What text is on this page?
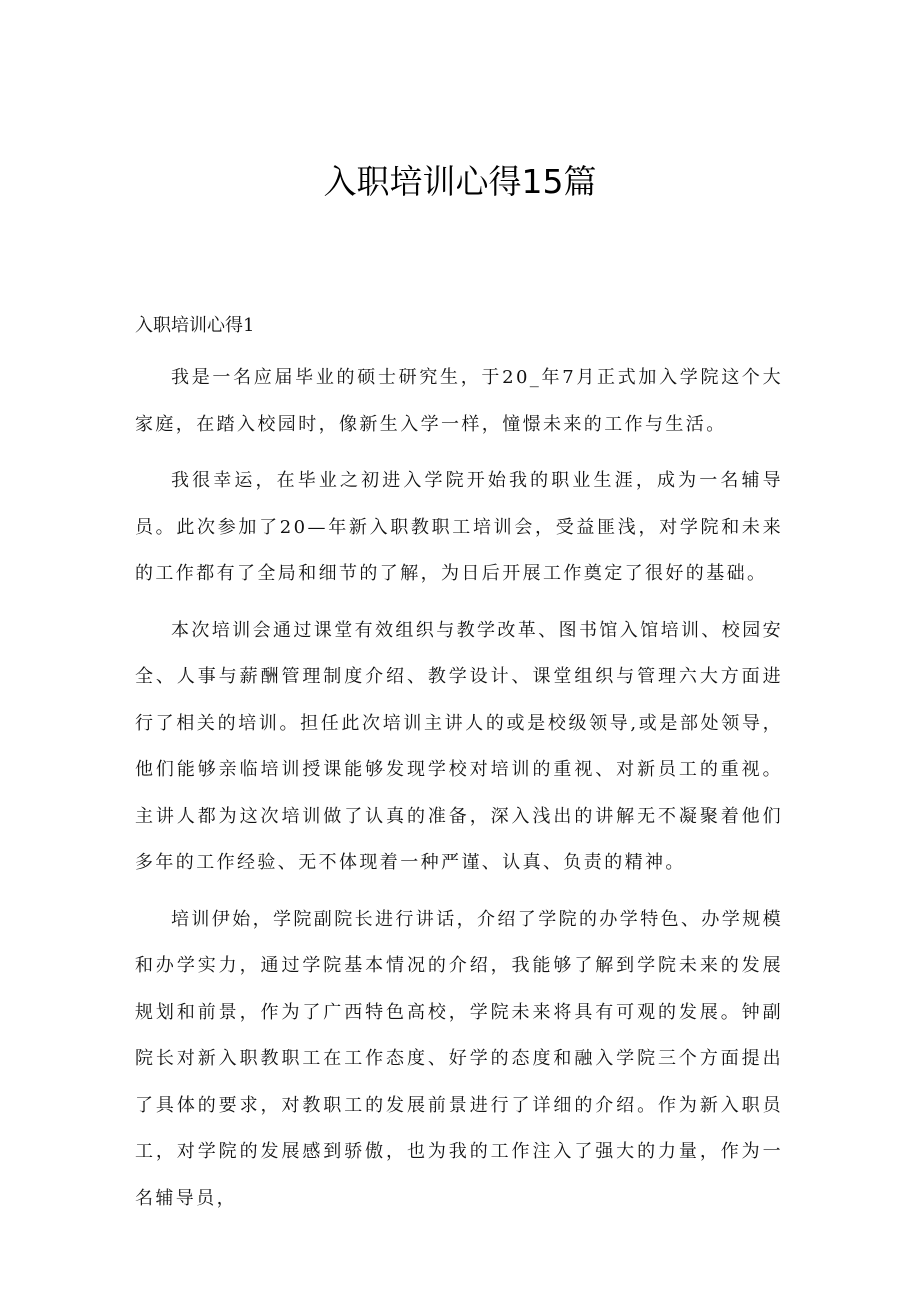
入职培训心得15篇

入职培训心得1

我是一名应届毕业的硕士研究生，于20_年7月正式加入学院这个大家庭，在踏入校园时，像新生入学一样，憧憬未来的工作与生活。

我很幸运，在毕业之初进入学院开始我的职业生涯，成为一名辅导员。此次参加了20—年新入职教职工培训会，受益匪浅，对学院和未来的工作都有了全局和细节的了解，为日后开展工作奠定了很好的基础。

本次培训会通过课堂有效组织与教学改革、图书馆入馆培训、校园安全、人事与薪酬管理制度介绍、教学设计、课堂组织与管理六大方面进行了相关的培训。担任此次培训主讲人的或是校级领导,或是部处领导，他们能够亲临培训授课能够发现学校对培训的重视、对新员工的重视。主讲人都为这次培训做了认真的准备，深入浅出的讲解无不凝聚着他们多年的工作经验、无不体现着一种严谨、认真、负责的精神。

培训伊始，学院副院长进行讲话，介绍了学院的办学特色、办学规模和办学实力，通过学院基本情况的介绍，我能够了解到学院未来的发展规划和前景，作为了广西特色高校，学院未来将具有可观的发展。钟副院长对新入职教职工在工作态度、好学的态度和融入学院三个方面提出了具体的要求，对教职工的发展前景进行了详细的介绍。作为新入职员工，对学院的发展感到骄傲，也为我的工作注入了强大的力量，作为一名辅导员，
